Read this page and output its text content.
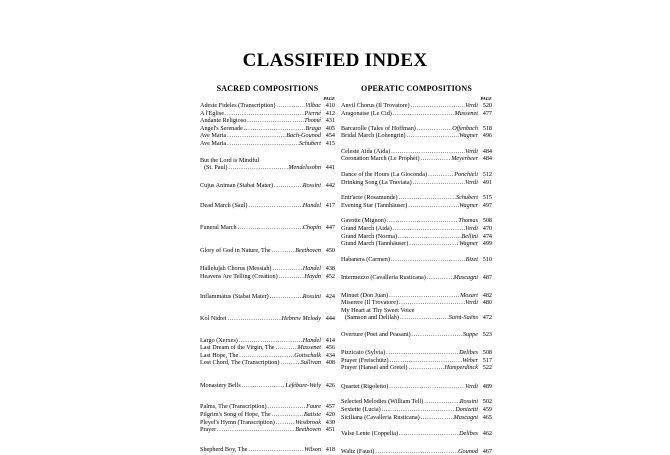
CLASSIFIED INDEX
SACRED COMPOSITIONS
PAGE
Adeste Fideles (Transcription) .....	Vilbac 410
A l'Eglise .....	Pierné 412
Andante Religioso .....	Thomé 431
Angel's Serenade .....	Braga 405
Ave Maria .....	Bach-Gounod 454
Ave Maria .....	Schubert 415
But the Lord is Mindful
(St. Paul) .....	Mendelssohn 441
Cujus Animan (Stabat Mater) .....	Rossini 442
Dead March (Saul) .....	Handel 417
Funeral March .....	Chopin 447
Glory of God in Nature, The .....	Beethoven 450
Hallelujah Chorus (Messiah) .....	Handel 438
Heavens Are Telling (Creation) .....	Haydn 452
Inflammatus (Stabat Mater) .....	Rossini 424
Kol Nidrei .....	Hebrew Melody 444
Largo (Xerxes) .....	Handel 414
Last Dream of the Virgin, The .....	Massenet 456
Last Hope, The .....	Gottschalk 434
Lost Chord, The (Transcription) .....	Sullivan 408
Monastery Bells .....	Lefébure-Wely 426
Palms, The (Transcription) .....	Faure 457
Pilgrim's Song of Hope, The .....	Batiste 420
Pleyel's Hymn (Transcription) .....	Westbrook 430
Prayer .....	Beethoven 451
Shepherd Boy, The .....	Wilson 418
OPERATIC COMPOSITIONS
PAGE
Anvil Chorus (Il Trovatore) .....	Verdi 520
Aragonaise (Le Cid) .....	Massenet 477
Barcarolle (Tales of Hoffman) .....	Offenbach 518
Bridal March (Lohengrin) .....	Wagner 496
Celeste Aida (Aida) .....	Verdi 484
Coronation March (Le Prophét) .....	Meyerbeer 484
Dance of the Hours (La Gioconda) .....	Ponchieli 512
Drinking Song (La Traviata) .....	Verdi 491
Entr'acte (Rosamunde) .....	Schubert 515
Evening Star (Tannhäuser) .....	Wagner 497
Gavotte (Mignon) .....	Thomas 508
Grand March (Aida) .....	Verdi 470
Grand March (Norma) .....	Bellini 474
Grand March (Tannhäuser) .....	Wagner 499
Habanera (Carmen) .....	Bizet 510
Intermezzo (Cavalleria Rusticana) .....	Mascagni 487
Minuet (Don Juan) .....	Mozart 482
Miserere (Il Trovatore) .....	Verdi 480
My Heart at Thy Sweet Voice
(Samson and Delilah) .....	Saint-Saëns 472
Overture (Poet and Peasant) .....	Suppe 523
Pizzicato (Sylvia) .....	Delibes 508
Prayer (Freischütz) .....	Weber 517
Prayer (Hansel and Gretel) .....	Humperdinck 522
Quartet (Rigoletto) .....	Verdi 489
Selected Melodies (William Tell) .....	Rossini 502
Sextette (Lucia) .....	Donizetti 459
Siciliana (Cavalleria Rusticana) .....	Mascagni 465
Valse Lente (Coppelia) .....	Delibes 462
Waltz (Faust) .....	Gounod 467
